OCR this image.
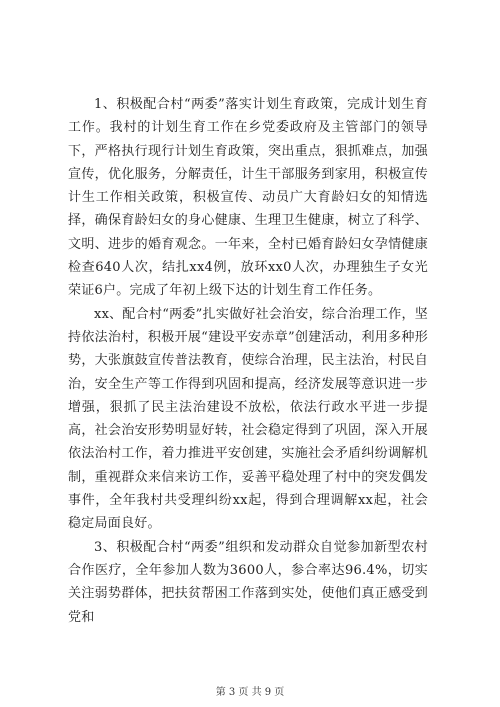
1、积极配合村“两委”落实计划生育政策，完成计划生育工作。我村的计划生育工作在乡党委政府及主管部门的领导下，严格执行现行计划生育政策，突出重点，狠抓难点，加强宣传，优化服务，分解责任，计生干部服务到家用，积极宣传计生工作相关政策，积极宣传、动员广大育龄妇女的知情选择，确保育龄妇女的身心健康、生理卫生健康，树立了科学、文明、进步的婚育观念。一年来，全村已婚育龄妇女孕情健康检查640人次，结扎xx4例，放环xx0人次，办理独生子女光荣证6户。完成了年初上级下达的计划生育工作任务。

xx、配合村“两委”扎实做好社会治安，综合治理工作，坚持依法治村，积极开展“建设平安赤章”创建活动，利用多种形势，大张旗鼓宣传普法教育，使综合治理，民主法治，村民自治，安全生产等工作得到巩固和提高，经济发展等意识进一步增强，狠抓了民主法治建设不放松，依法行政水平进一步提高，社会治安形势明显好转，社会稳定得到了巩固，深入开展依法治村工作，着力推进平安创建，实施社会矛盾纠纷调解机制，重视群众来信来访工作，妥善平稳处理了村中的突发偶发事件，全年我村共受理纠纷xx起，得到合理调解xx起，社会稳定局面良好。

3、积极配合村“两委”组织和发动群众自觉参加新型农村合作医疗，全年参加人数为3600人，参合率达96.4%，切实关注弱势群体，把扶贫帮困工作落到实处，使他们真正感受到党和

第 3 页 共 9 页
